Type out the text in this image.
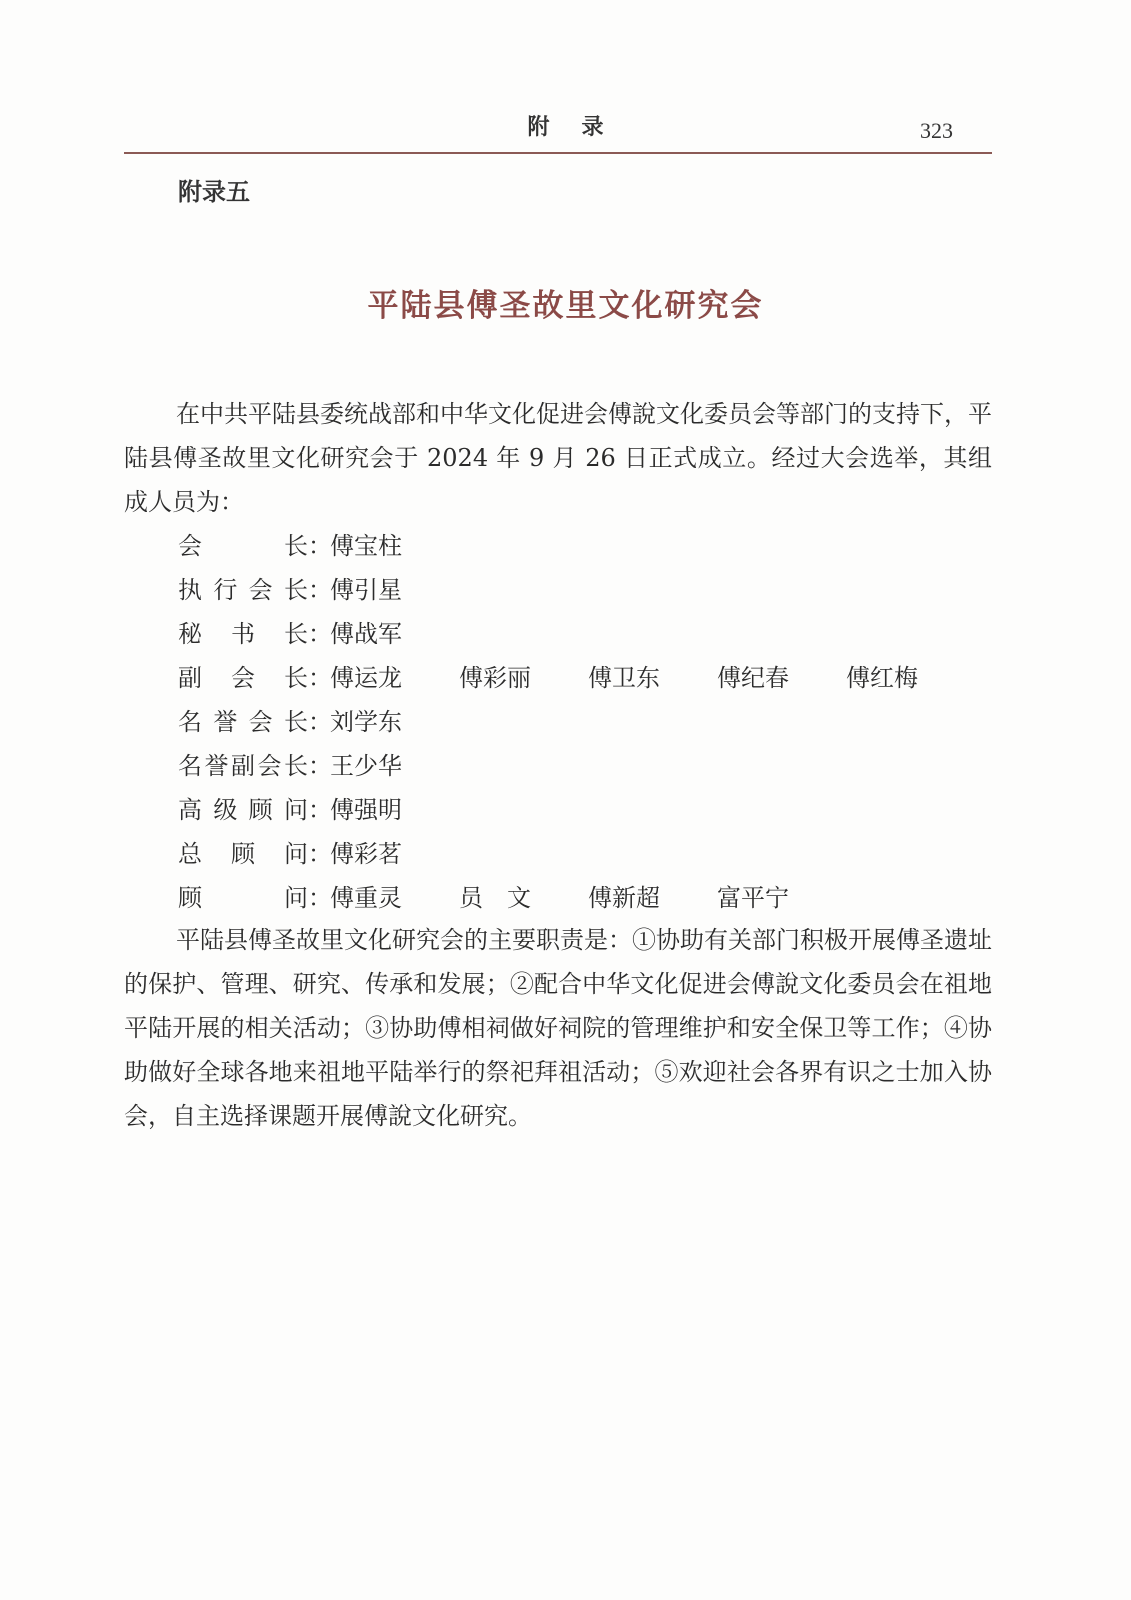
附录	323
附录五
平陆县傅圣故里文化研究会

在中共平陆县委统战部和中华文化促进会傅說文化委员会等部门的支持下，平陆县傅圣故里文化研究会于 2024 年 9 月 26 日正式成立。经过大会选举，其组成人员为：

会长 ：
傅宝柱
执行会长 ：
傅引星
秘书长 ：
傅战军
副会长 ：
傅运龙	傅彩丽	傅卫东	傅纪春	傅红梅
名誉会长 ：
刘学东
名誉副会长 ：
王少华
高级顾问 ：
傅强明
总顾问 ：
傅彩茗
顾问 ：
傅重灵	员　文	傅新超	富平宁

平陆县傅圣故里文化研究会的主要职责是：①协助有关部门积极开展傅圣遗址的保护、管理、研究、传承和发展；②配合中华文化促进会傅說文化委员会在祖地平陆开展的相关活动；③协助傅相祠做好祠院的管理维护和安全保卫等工作；④协助做好全球各地来祖地平陆举行的祭祀拜祖活动；⑤欢迎社会各界有识之士加入协会，自主选择课题开展傅說文化研究。
